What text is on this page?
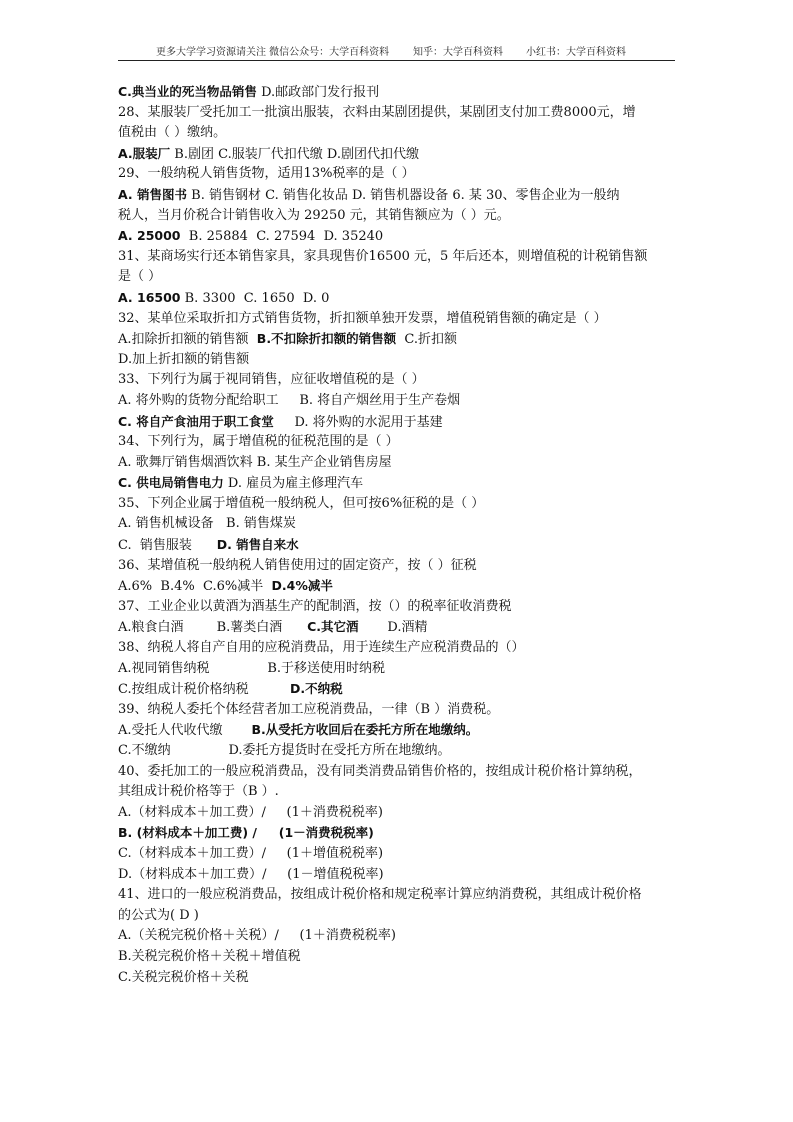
更多大学学习资源请关注 微信公众号：大学百科资料 知乎：大学百科资料 小红书：大学百科资料
C.典当业的死当物品销售 D.邮政部门发行报刊
28、某服装厂受托加工一批演出服装，衣料由某剧团提供，某剧团支付加工费8000元，增
值税由（ ）缴纳。
A.服装厂 B.剧团 C.服装厂代扣代缴 D.剧团代扣代缴
29、一般纳税人销售货物，适用13%税率的是（ ）
A. 销售图书 B. 销售钢材 C. 销售化妆品 D. 销售机器设备 6. 某 30、零售企业为一般纳
税人，当月价税合计销售收入为 29250 元，其销售额应为（ ）元。
A. 25000  B. 25884  C. 27594  D. 35240
31、某商场实行还本销售家具，家具现售价16500 元，5 年后还本，则增值税的计税销售额
是（ ）
A. 16500 B. 3300  C. 1650  D. 0
32、某单位采取折扣方式销售货物，折扣额单独开发票，增值税销售额的确定是（ ）
A.扣除折扣额的销售额  B.不扣除折扣额的销售额  C.折扣额
D.加上折扣额的销售额
33、下列行为属于视同销售，应征收增值税的是（ ）
A. 将外购的货物分配给职工     B. 将自产烟丝用于生产卷烟
C. 将自产食油用于职工食堂     D. 将外购的水泥用于基建
34、下列行为，属于增值税的征税范围的是（ ）
A. 歌舞厅销售烟酒饮料 B. 某生产企业销售房屋
C. 供电局销售电力 D. 雇员为雇主修理汽车
35、下列企业属于增值税一般纳税人，但可按6%征税的是（ ）
A. 销售机械设备   B. 销售煤炭
C.  销售服装      D. 销售自来水
36、某增值税一般纳税人销售使用过的固定资产，按（ ）征税
A.6%  B.4%  C.6%减半  D.4%减半
37、工业企业以黄酒为酒基生产的配制酒，按（）的税率征收消费税
A.粮食白酒        B.薯类白酒      C.其它酒       D.酒精
38、纳税人将自产自用的应税消费品，用于连续生产应税消费品的（）
A.视同销售纳税              B.于移送使用时纳税
C.按组成计税价格纳税          D.不纳税
39、纳税人委托个体经营者加工应税消费品，一律（B ）消费税。
A.受托人代收代缴       B.从受托方收回后在委托方所在地缴纳。
C.不缴纳              D.委托方提货时在受托方所在地缴纳。
40、委托加工的一般应税消费品，没有同类消费品销售价格的，按组成计税价格计算纳税，
其组成计税价格等于（B ）.
A.（材料成本＋加工费）/     (1＋消费税税率)
B. (材料成本＋加工费) /     (1－消费税税率)
C.（材料成本＋加工费）/     (1＋增值税税率)
D.（材料成本＋加工费）/     (1－增值税税率)
41、进口的一般应税消费品，按组成计税价格和规定税率计算应纳消费税，其组成计税价格
的公式为( D )
A.（关税完税价格＋关税）/     (1＋消费税税率)
B.关税完税价格＋关税＋增值税
C.关税完税价格＋关税
